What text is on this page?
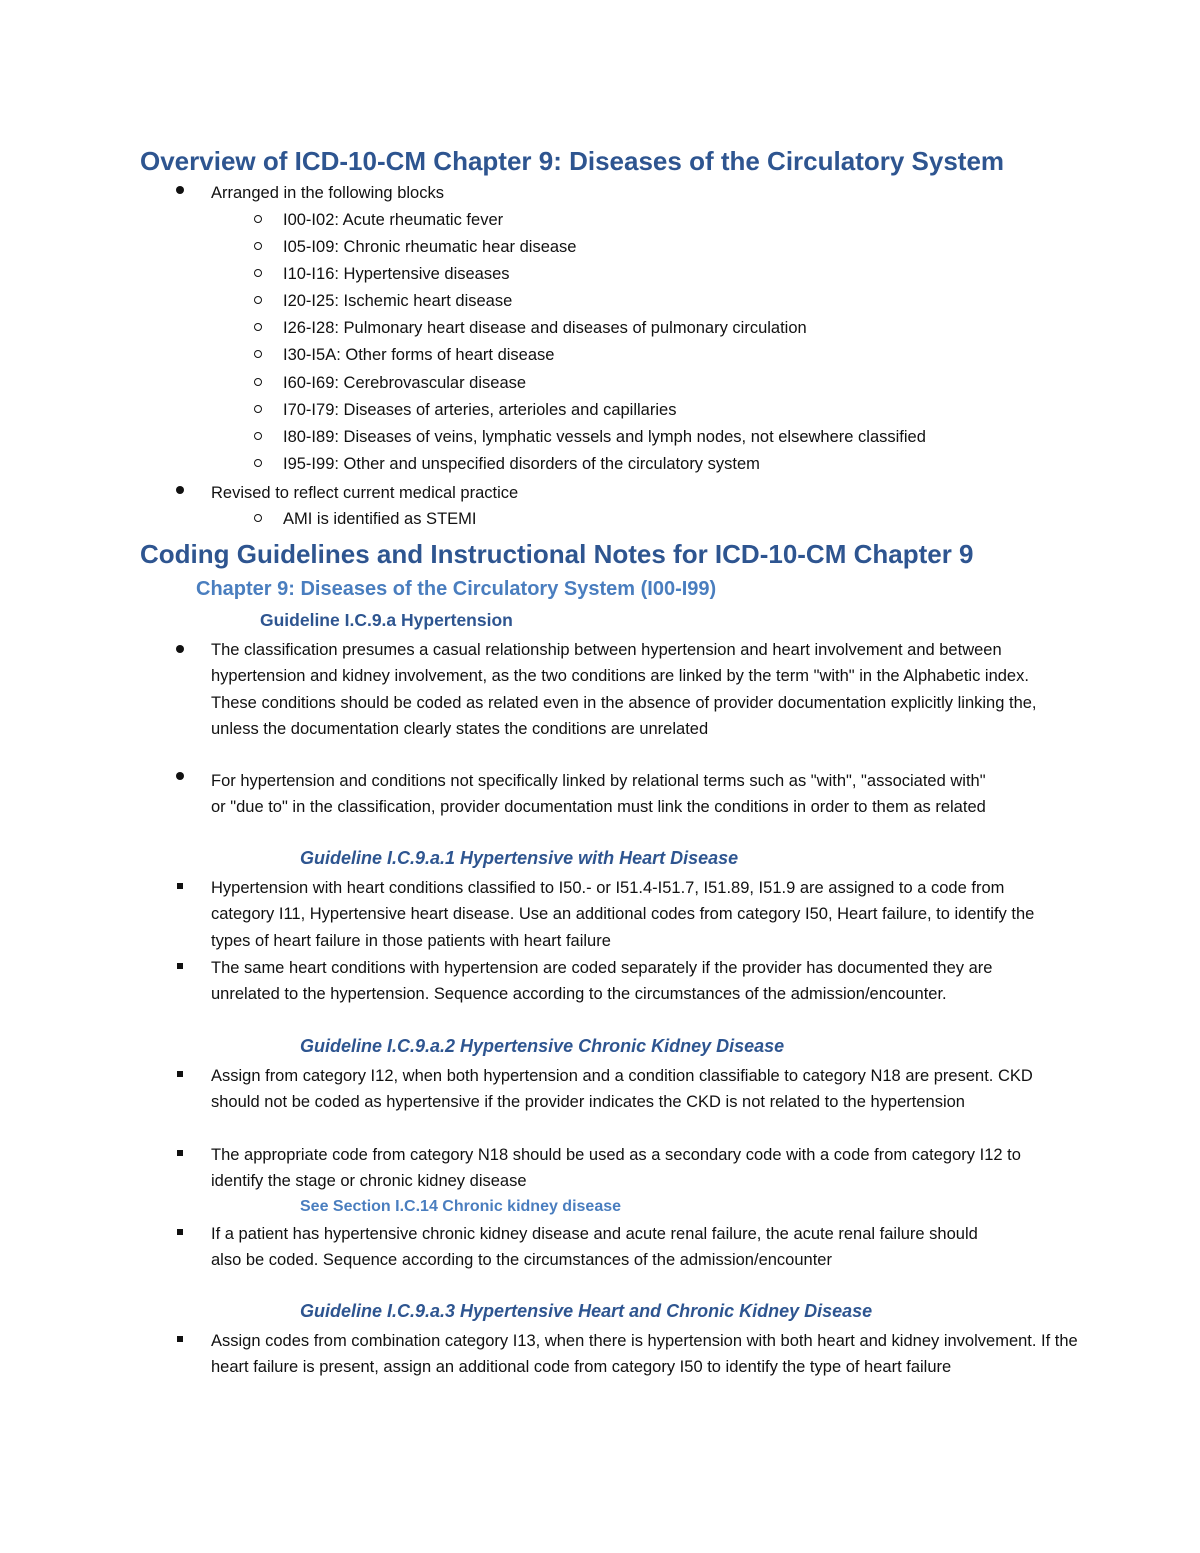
Overview of ICD-10-CM Chapter 9: Diseases of the Circulatory System
Arranged in the following blocks
I00-I02: Acute rheumatic fever
I05-I09: Chronic rheumatic hear disease
I10-I16: Hypertensive diseases
I20-I25: Ischemic heart disease
I26-I28: Pulmonary heart disease and diseases of pulmonary circulation
I30-I5A: Other forms of heart disease
I60-I69: Cerebrovascular disease
I70-I79: Diseases of arteries, arterioles and capillaries
I80-I89: Diseases of veins, lymphatic vessels and lymph nodes, not elsewhere classified
I95-I99: Other and unspecified disorders of the circulatory system
Revised to reflect current medical practice
AMI is identified as STEMI
Coding Guidelines and Instructional Notes for ICD-10-CM Chapter 9
Chapter 9: Diseases of the Circulatory System (I00-I99)
Guideline I.C.9.a Hypertension
The classification presumes a casual relationship between hypertension and heart involvement and between hypertension and kidney involvement, as the two conditions are linked by the term "with" in the Alphabetic index. These conditions should be coded as related even in the absence of provider documentation explicitly linking the, unless the documentation clearly states the conditions are unrelated
For hypertension and conditions not specifically linked by relational terms such as "with", "associated with" or "due to" in the classification, provider documentation must link the conditions in order to them as related
Guideline I.C.9.a.1 Hypertensive with Heart Disease
Hypertension with heart conditions classified to I50.- or I51.4-I51.7, I51.89, I51.9 are assigned to a code from category I11, Hypertensive heart disease. Use an additional codes from category I50, Heart failure, to identify the types of heart failure in those patients with heart failure
The same heart conditions with hypertension are coded separately if the provider has documented they are unrelated to the hypertension. Sequence according to the circumstances of the admission/encounter.
Guideline I.C.9.a.2 Hypertensive Chronic Kidney Disease
Assign from category I12, when both hypertension and a condition classifiable to category N18 are present. CKD should not be coded as hypertensive if the provider indicates the CKD is not related to the hypertension
The appropriate code from category N18 should be used as a secondary code with a code from category I12 to identify the stage or chronic kidney disease
See Section I.C.14 Chronic kidney disease
If a patient has hypertensive chronic kidney disease and acute renal failure, the acute renal failure should also be coded. Sequence according to the circumstances of the admission/encounter
Guideline I.C.9.a.3 Hypertensive Heart and Chronic Kidney Disease
Assign codes from combination category I13, when there is hypertension with both heart and kidney involvement. If the heart failure is present, assign an additional code from category I50 to identify the type of heart failure
